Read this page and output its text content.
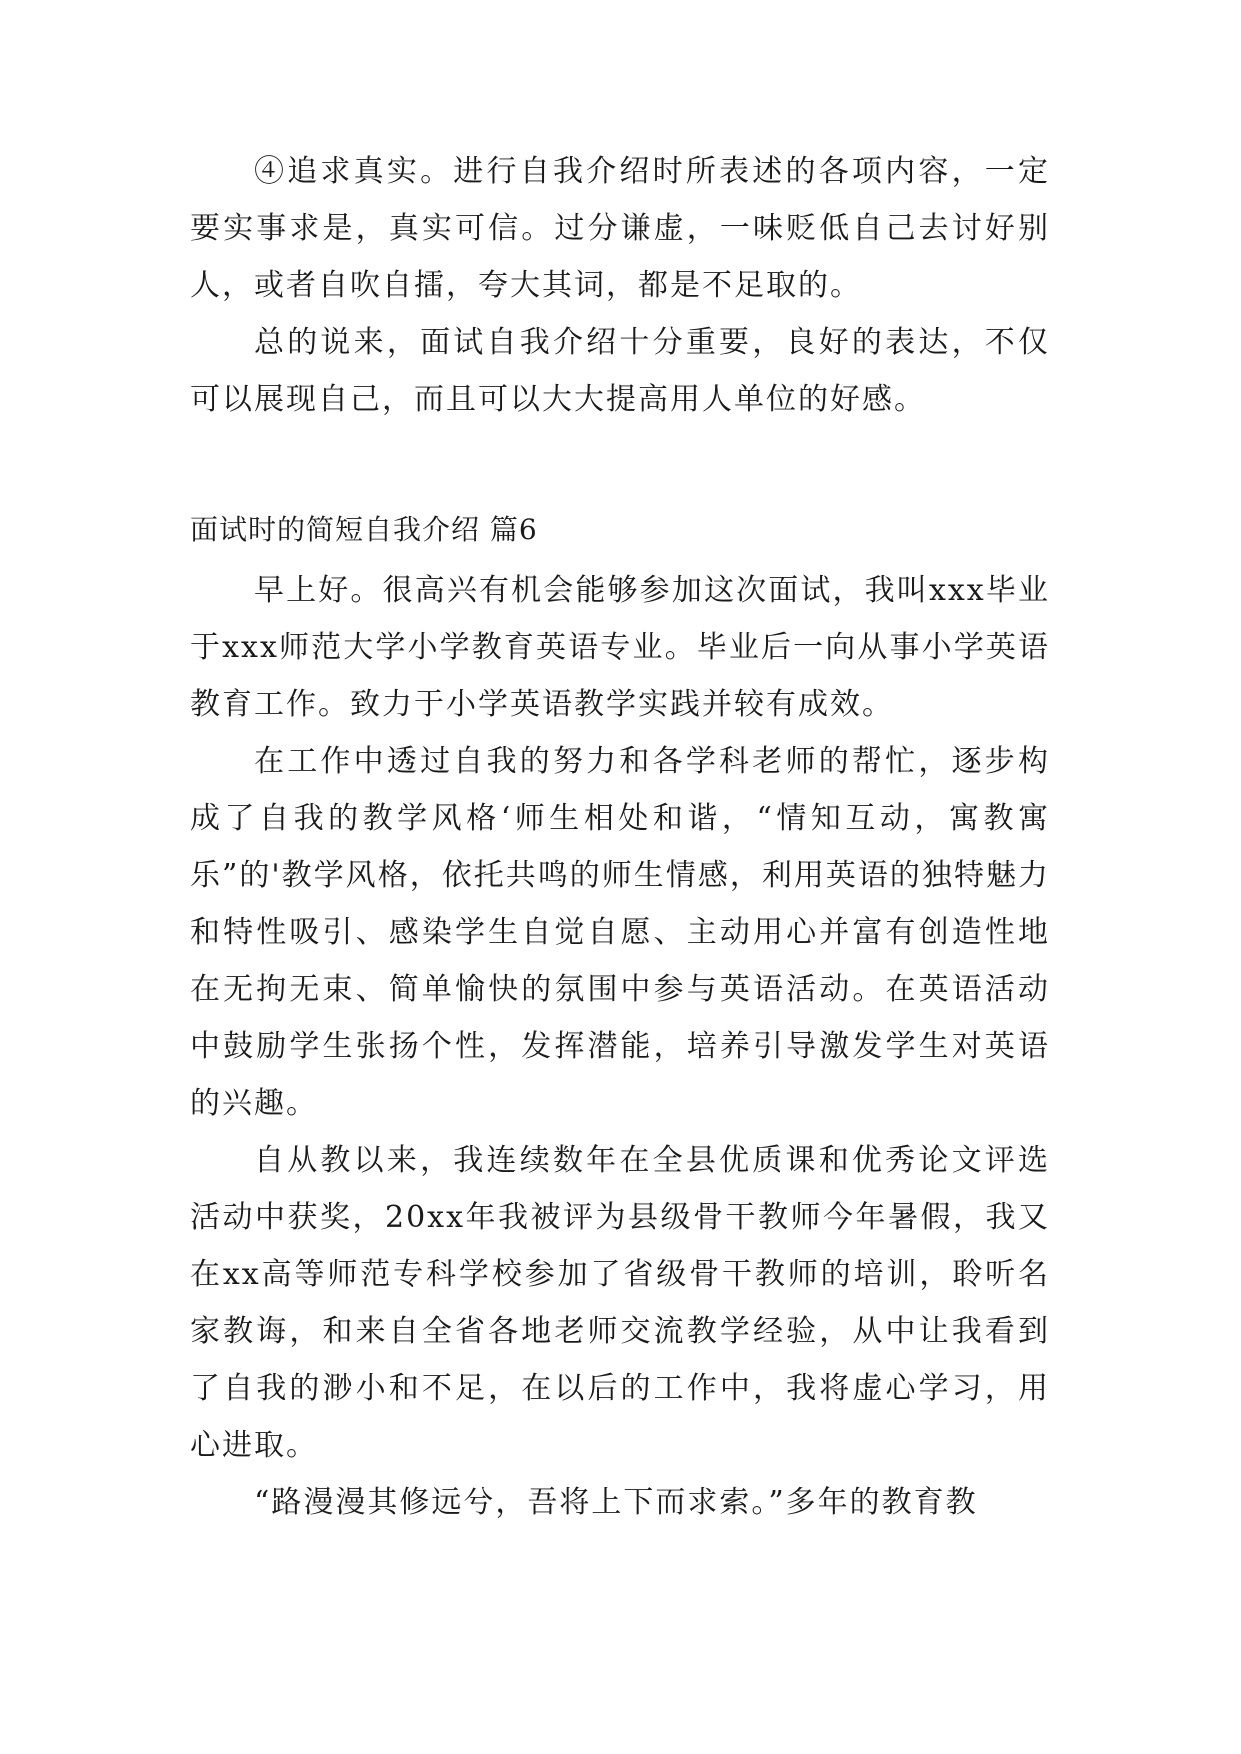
④追求真实。进行自我介绍时所表述的各项内容，一定要实事求是，真实可信。过分谦虚，一味贬低自己去讨好别人，或者自吹自擂，夸大其词，都是不足取的。

总的说来，面试自我介绍十分重要，良好的表达，不仅可以展现自己，而且可以大大提高用人单位的好感。

面试时的简短自我介绍 篇6

早上好。很高兴有机会能够参加这次面试，我叫xxx毕业于xxx师范大学小学教育英语专业。毕业后一向从事小学英语教育工作。致力于小学英语教学实践并较有成效。

在工作中透过自我的努力和各学科老师的帮忙，逐步构成了自我的教学风格‘师生相处和谐，“情知互动，寓教寓乐”的'教学风格，依托共鸣的师生情感，利用英语的独特魅力和特性吸引、感染学生自觉自愿、主动用心并富有创造性地在无拘无束、简单愉快的氛围中参与英语活动。在英语活动中鼓励学生张扬个性，发挥潜能，培养引导激发学生对英语的兴趣。

自从教以来，我连续数年在全县优质课和优秀论文评选活动中获奖，20xx年我被评为县级骨干教师今年暑假，我又在xx高等师范专科学校参加了省级骨干教师的培训，聆听名家教诲，和来自全省各地老师交流教学经验，从中让我看到了自我的渺小和不足，在以后的工作中，我将虚心学习，用心进取。

“路漫漫其修远兮，吾将上下而求索。”多年的教育教
